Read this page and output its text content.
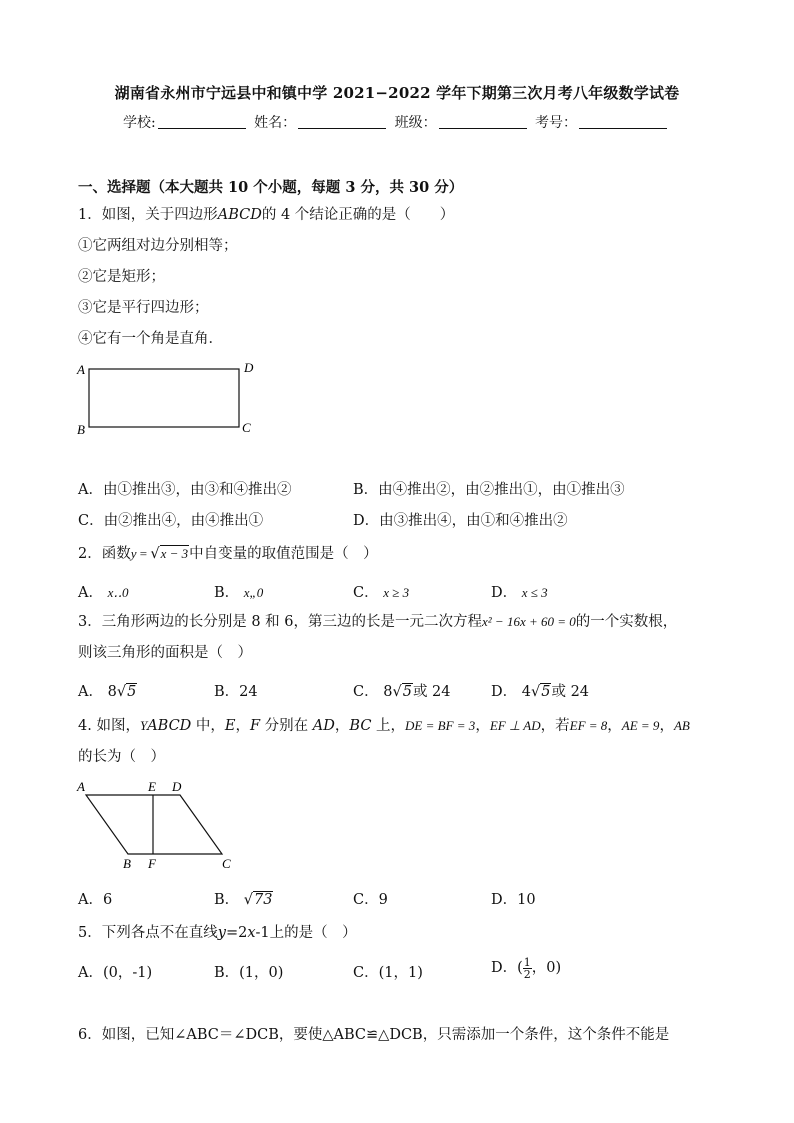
湖南省永州市宁远县中和镇中学 2021−2022 学年下期第三次月考八年级数学试卷
学校:	姓名：	班级：	考号：
一、选择题（本大题共 10 个小题，每题 3 分，共 30 分）
1．如图，关于四边形ABCD的 4 个结论正确的是（　　）
①它两组对边分别相等；
②它是矩形；
③它是平行四边形；
④它有一个角是直角．
A	D
B	C
A．由①推出③，由③和④推出②	B．由④推出②，由②推出①，由①推出③
C．由②推出④，由④推出①	D．由③推出④，由①和④推出②
2．函数y = √x − 3中自变量的取值范围是（　）
A． x‥0	B． x„0	C． x ≥ 3	D． x ≤ 3
3．三角形两边的长分别是 8 和 6，第三边的长是一元二次方程x² − 16x + 60 = 0的一个实数根，
则该三角形的面积是（　）
A． 8√5	B．24	C． 8√5或 24	D． 4√5或 24
4. 如图，YABCD 中，E，F 分别在 AD，BC 上，DE = BF = 3，EF ⊥ AD，若EF = 8，AE = 9，AB
的长为（　）
A	E D
B F	C
A．6	B． √73	C．9	D．10
5．下列各点不在直线y=2x-1上的是（　）
A．(0，-1)	B．(1，0)	C．(1，1)	D．( $\frac{1}{2}$ ，0)
6．如图，已知∠ABC＝∠DCB，要使△ABC≌△DCB，只需添加一个条件，这个条件不能是
